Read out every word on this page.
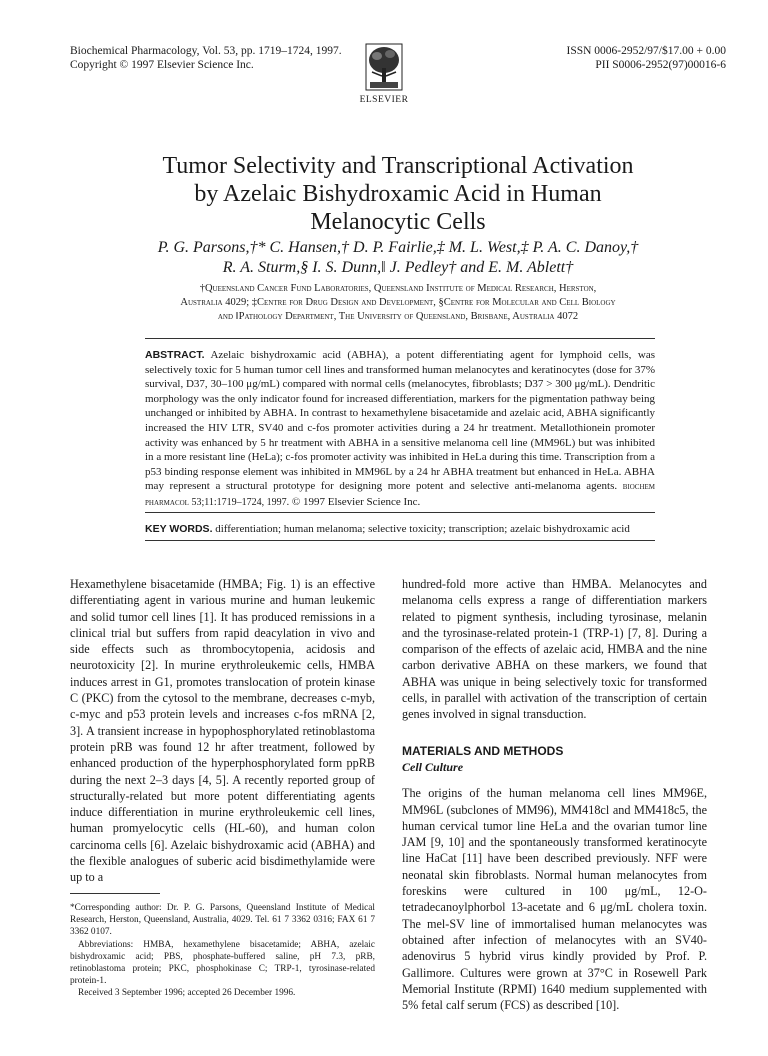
Biochemical Pharmacology, Vol. 53, pp. 1719–1724, 1997.
Copyright © 1997 Elsevier Science Inc.
ELSEVIER
ISSN 0006-2952/97/$17.00 + 0.00
PII S0006-2952(97)00016-6
Tumor Selectivity and Transcriptional Activation
by Azelaic Bishydroxamic Acid in Human
Melanocytic Cells
P. G. Parsons,†* C. Hansen,† D. P. Fairlie,‡ M. L. West,‡ P. A. C. Danoy,†
R. A. Sturm,§ I. S. Dunn,‖ J. Pedley† and E. M. Ablett†
†Queensland Cancer Fund Laboratories, Queensland Institute of Medical Research, Herston,
Australia 4029; ‡Centre for Drug Design and Development, §Centre for Molecular and Cell Biology
and ‖Pathology Department, The University of Queensland, Brisbane, Australia 4072
ABSTRACT. Azelaic bishydroxamic acid (ABHA), a potent differentiating agent for lymphoid cells, was selectively toxic for 5 human tumor cell lines and transformed human melanocytes and keratinocytes (dose for 37% survival, D37, 30–100 μg/mL) compared with normal cells (melanocytes, fibroblasts; D37 > 300 μg/mL). Dendritic morphology was the only indicator found for increased differentiation, markers for the pigmentation pathway being unchanged or inhibited by ABHA. In contrast to hexamethylene bisacetamide and azelaic acid, ABHA significantly increased the HIV LTR, SV40 and c-fos promoter activities during a 24 hr treatment. Metallothionein promoter activity was enhanced by 5 hr treatment with ABHA in a sensitive melanoma cell line (MM96L) but was inhibited in a more resistant line (HeLa); c-fos promoter activity was inhibited in HeLa during this time. Transcription from a p53 binding response element was inhibited in MM96L by a 24 hr ABHA treatment but enhanced in HeLa. ABHA may represent a structural prototype for designing more potent and selective anti-melanoma agents. biochem pharmacol 53;11:1719–1724, 1997. © 1997 Elsevier Science Inc.
KEY WORDS. differentiation; human melanoma; selective toxicity; transcription; azelaic bishydroxamic acid

Hexamethylene bisacetamide (HMBA; Fig. 1) is an effective differentiating agent in various murine and human leukemic and solid tumor cell lines [1]. It has produced remissions in a clinical trial but suffers from rapid deacylation in vivo and side effects such as thrombocytopenia, acidosis and neurotoxicity [2]. In murine erythroleukemic cells, HMBA induces arrest in G1, promotes translocation of protein kinase C (PKC) from the cytosol to the membrane, decreases c-myb, c-myc and p53 protein levels and increases c-fos mRNA [2, 3]. A transient increase in hypophosphorylated retinoblastoma protein pRB was found 12 hr after treatment, followed by enhanced production of the hyperphosphorylated form ppRB during the next 2–3 days [4, 5]. A recently reported group of structurally-related but more potent differentiating agents induce differentiation in murine erythroleukemic cell lines, human promyelocytic cells (HL-60), and human colon carcinoma cells [6]. Azelaic bishydroxamic acid (ABHA) and the flexible analogues of suberic acid bisdimethylamide were up to a

hundred-fold more active than HMBA. Melanocytes and melanoma cells express a range of differentiation markers related to pigment synthesis, including tyrosinase, melanin and the tyrosinase-related protein-1 (TRP-1) [7, 8]. During a comparison of the effects of azelaic acid, HMBA and the nine carbon derivative ABHA on these markers, we found that ABHA was unique in being selectively toxic for transformed cells, in parallel with activation of the transcription of certain genes involved in signal transduction.

MATERIALS AND METHODS
Cell Culture

The origins of the human melanoma cell lines MM96E, MM96L (subclones of MM96), MM418cl and MM418c5, the human cervical tumor line HeLa and the ovarian tumor line JAM [9, 10] and the spontaneously transformed keratinocyte line HaCat [11] have been described previously. NFF were neonatal skin fibroblasts. Normal human melanocytes from foreskins were cultured in 100 μg/mL, 12-O-tetradecanoylphorbol 13-acetate and 6 μg/mL cholera toxin. The mel-SV line of immortalised human melanocytes was obtained after infection of melanocytes with an SV40-adenovirus 5 hybrid virus kindly provided by Prof. P. Gallimore. Cultures were grown at 37°C in Rosewell Park Memorial Institute (RPMI) 1640 medium supplemented with 5% fetal calf serum (FCS) as described [10].

*Corresponding author: Dr. P. G. Parsons, Queensland Institute of Medical Research, Herston, Queensland, Australia, 4029. Tel. 61 7 3362 0316; FAX 61 7 3362 0107.

Abbreviations: HMBA, hexamethylene bisacetamide; ABHA, azelaic bishydroxamic acid; PBS, phosphate-buffered saline, pH 7.3, pRB, retinoblastoma protein; PKC, phosphokinase C; TRP-1, tyrosinase-related protein-1.

Received 3 September 1996; accepted 26 December 1996.
